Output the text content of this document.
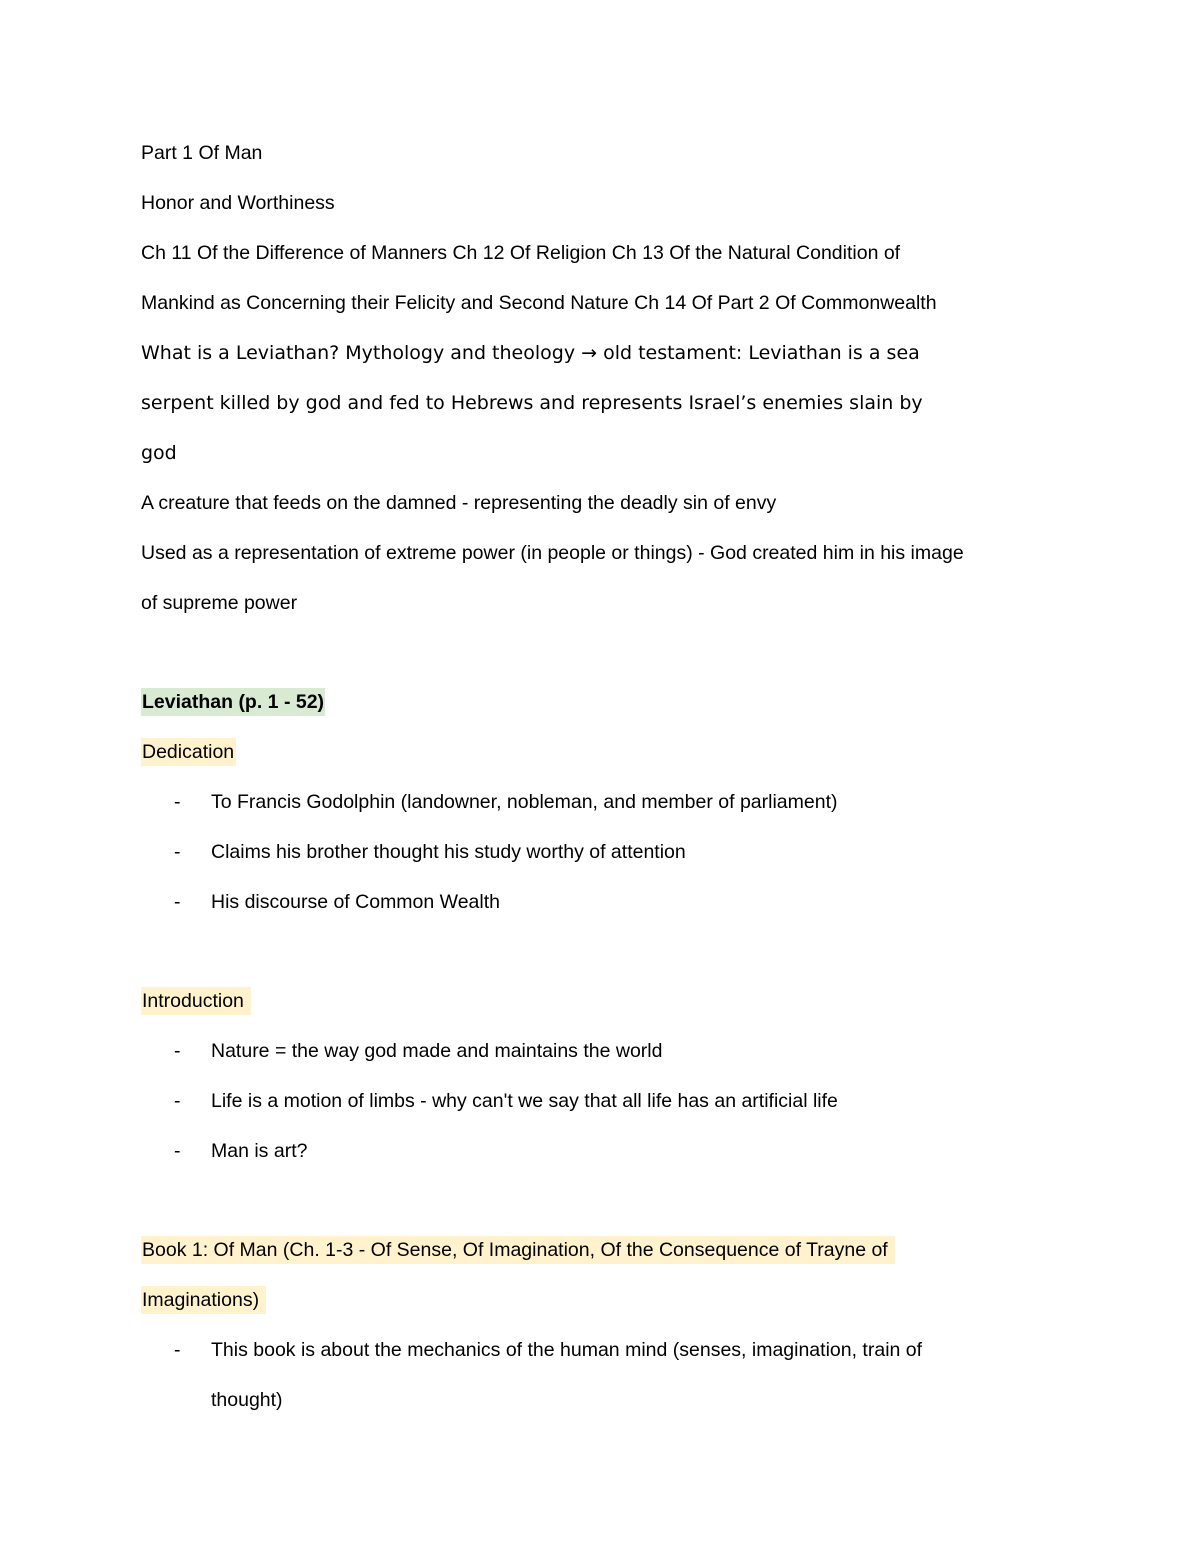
Part 1 Of Man
Honor and Worthiness
Ch 11 Of the Difference of Manners Ch 12 Of Religion Ch 13 Of the Natural Condition of
Mankind as Concerning their Felicity and Second Nature Ch 14 Of Part 2 Of Commonwealth
What is a Leviathan? Mythology and theology → old testament: Leviathan is a sea
serpent killed by god and fed to Hebrews and represents Israel’s enemies slain by
god
A creature that feeds on the damned - representing the deadly sin of envy
Used as a representation of extreme power (in people or things) - God created him in his image
of supreme power
Leviathan (p. 1 - 52)
Dedication
- To Francis Godolphin (landowner, nobleman, and member of parliament)
- Claims his brother thought his study worthy of attention
- His discourse of Common Wealth
Introduction
- Nature = the way god made and maintains the world
- Life is a motion of limbs - why can't we say that all life has an artificial life
- Man is art?
Book 1: Of Man (Ch. 1-3 - Of Sense, Of Imagination, Of the Consequence of Trayne of
Imaginations)
- This book is about the mechanics of the human mind (senses, imagination, train of
thought)
